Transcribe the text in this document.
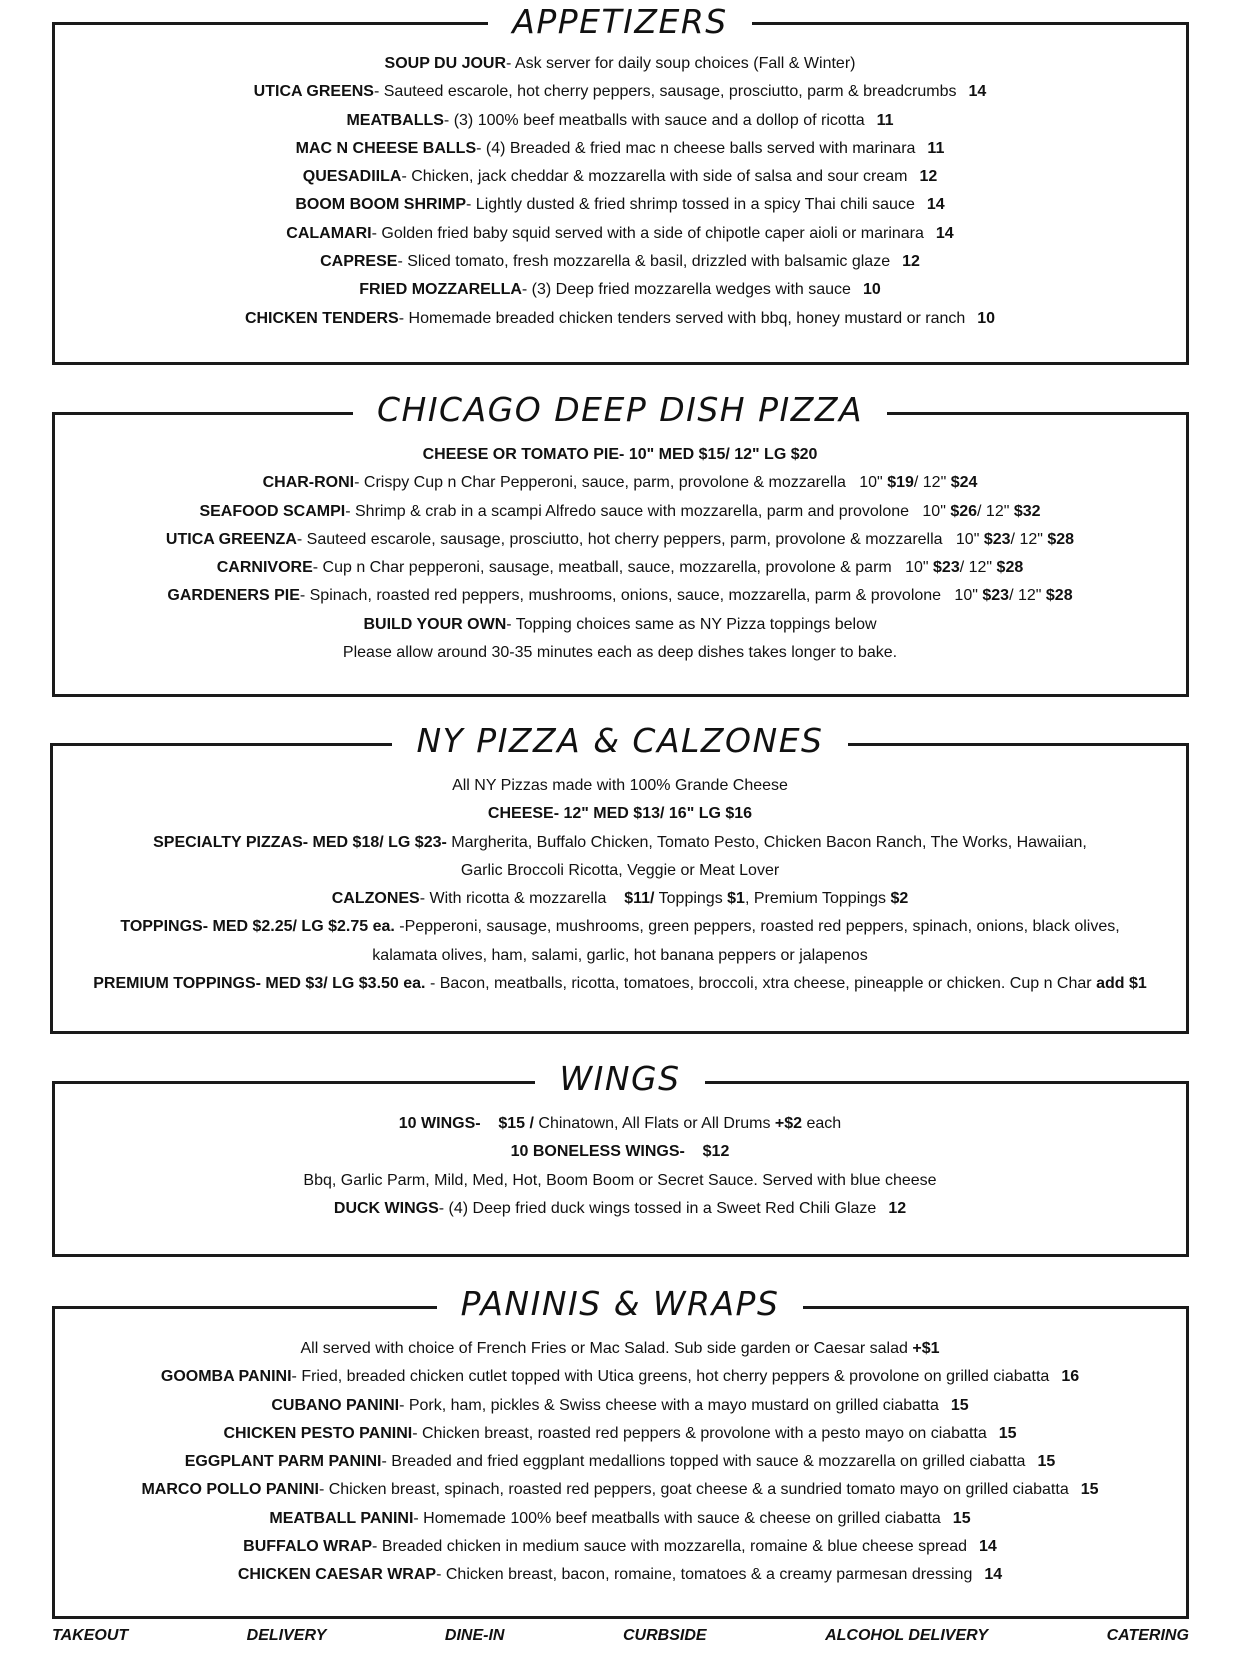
APPETIZERS
SOUP DU JOUR- Ask server for daily soup choices (Fall & Winter)
UTICA GREENS- Sauteed escarole, hot cherry peppers, sausage, prosciutto, parm & breadcrumbs 14
MEATBALLS- (3) 100% beef meatballs with sauce and a dollop of ricotta 11
MAC N CHEESE BALLS- (4) Breaded & fried mac n cheese balls served with marinara 11
QUESADIILA- Chicken, jack cheddar & mozzarella with side of salsa and sour cream 12
BOOM BOOM SHRIMP- Lightly dusted & fried shrimp tossed in a spicy Thai chili sauce 14
CALAMARI- Golden fried baby squid served with a side of chipotle caper aioli or marinara 14
CAPRESE- Sliced tomato, fresh mozzarella & basil, drizzled with balsamic glaze 12
FRIED MOZZARELLA- (3) Deep fried mozzarella wedges with sauce 10
CHICKEN TENDERS- Homemade breaded chicken tenders served with bbq, honey mustard or ranch 10
CHICAGO DEEP DISH PIZZA
CHEESE OR TOMATO PIE- 10" MED $15/ 12" LG $20
CHAR-RONI- Crispy Cup n Char Pepperoni, sauce, parm, provolone & mozzarella 10" $19/ 12" $24
SEAFOOD SCAMPI- Shrimp & crab in a scampi Alfredo sauce with mozzarella, parm and provolone 10" $26/ 12" $32
UTICA GREENZA- Sauteed escarole, sausage, prosciutto, hot cherry peppers, parm, provolone & mozzarella 10" $23/ 12" $28
CARNIVORE- Cup n Char pepperoni, sausage, meatball, sauce, mozzarella, provolone & parm 10" $23/ 12" $28
GARDENERS PIE- Spinach, roasted red peppers, mushrooms, onions, sauce, mozzarella, parm & provolone 10" $23/ 12" $28
BUILD YOUR OWN- Topping choices same as NY Pizza toppings below
Please allow around 30-35 minutes each as deep dishes takes longer to bake.
NY PIZZA & CALZONES
All NY Pizzas made with 100% Grande Cheese
CHEESE- 12" MED $13/ 16" LG $16
SPECIALTY PIZZAS- MED $18/ LG $23- Margherita, Buffalo Chicken, Tomato Pesto, Chicken Bacon Ranch, The Works, Hawaiian,
Garlic Broccoli Ricotta, Veggie or Meat Lover
CALZONES- With ricotta & mozzarella $11/ Toppings $1, Premium Toppings $2
TOPPINGS- MED $2.25/ LG $2.75 ea. -Pepperoni, sausage, mushrooms, green peppers, roasted red peppers, spinach, onions, black olives,
kalamata olives, ham, salami, garlic, hot banana peppers or jalapenos
PREMIUM TOPPINGS- MED $3/ LG $3.50 ea. - Bacon, meatballs, ricotta, tomatoes, broccoli, xtra cheese, pineapple or chicken. Cup n Char add $1
WINGS
10 WINGS- $15 / Chinatown, All Flats or All Drums +$2 each
10 BONELESS WINGS- $12
Bbq, Garlic Parm, Mild, Med, Hot, Boom Boom or Secret Sauce. Served with blue cheese
DUCK WINGS- (4) Deep fried duck wings tossed in a Sweet Red Chili Glaze 12
PANINIS & WRAPS
All served with choice of French Fries or Mac Salad. Sub side garden or Caesar salad +$1
GOOMBA PANINI- Fried, breaded chicken cutlet topped with Utica greens, hot cherry peppers & provolone on grilled ciabatta 16
CUBANO PANINI- Pork, ham, pickles & Swiss cheese with a mayo mustard on grilled ciabatta 15
CHICKEN PESTO PANINI- Chicken breast, roasted red peppers & provolone with a pesto mayo on ciabatta 15
EGGPLANT PARM PANINI- Breaded and fried eggplant medallions topped with sauce & mozzarella on grilled ciabatta 15
MARCO POLLO PANINI- Chicken breast, spinach, roasted red peppers, goat cheese & a sundried tomato mayo on grilled ciabatta 15
MEATBALL PANINI- Homemade 100% beef meatballs with sauce & cheese on grilled ciabatta 15
BUFFALO WRAP- Breaded chicken in medium sauce with mozzarella, romaine & blue cheese spread 14
CHICKEN CAESAR WRAP- Chicken breast, bacon, romaine, tomatoes & a creamy parmesan dressing 14
TAKEOUT	DELIVERY	DINE-IN	CURBSIDE	ALCOHOL DELIVERY	CATERING
